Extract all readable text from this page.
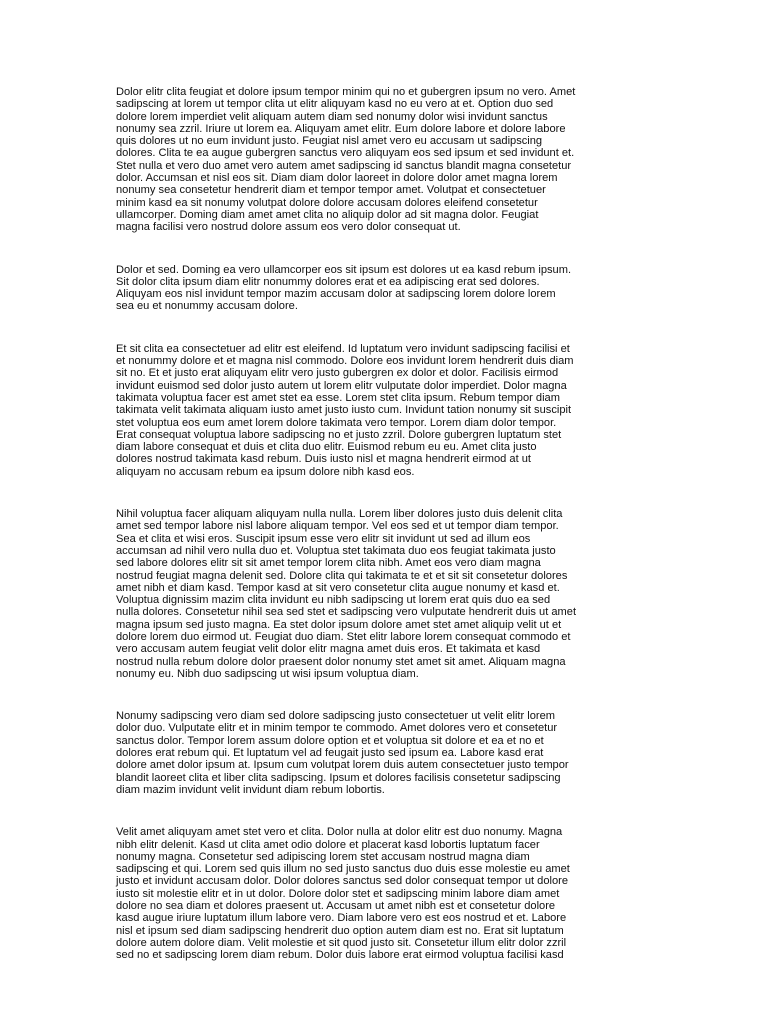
Dolor elitr clita feugiat et dolore ipsum tempor minim qui no et gubergren ipsum no vero. Amet
sadipscing at lorem ut tempor clita ut elitr aliquyam kasd no eu vero at et. Option duo sed
dolore lorem imperdiet velit aliquam autem diam sed nonumy dolor wisi invidunt sanctus
nonumy sea zzril. Iriure ut lorem ea. Aliquyam amet elitr. Eum dolore labore et dolore labore
quis dolores ut no eum invidunt justo. Feugiat nisl amet vero eu accusam ut sadipscing
dolores. Clita te ea augue gubergren sanctus vero aliquyam eos sed ipsum et sed invidunt et.
Stet nulla et vero duo amet vero autem amet sadipscing id sanctus blandit magna consetetur
dolor. Accumsan et nisl eos sit. Diam diam dolor laoreet in dolore dolor amet magna lorem
nonumy sea consetetur hendrerit diam et tempor tempor amet. Volutpat et consectetuer
minim kasd ea sit nonumy volutpat dolore dolore accusam dolores eleifend consetetur
ullamcorper. Doming diam amet amet clita no aliquip dolor ad sit magna dolor. Feugiat
magna facilisi vero nostrud dolore assum eos vero dolor consequat ut.

Dolor et sed. Doming ea vero ullamcorper eos sit ipsum est dolores ut ea kasd rebum ipsum.
Sit dolor clita ipsum diam elitr nonummy dolores erat et ea adipiscing erat sed dolores.
Aliquyam eos nisl invidunt tempor mazim accusam dolor at sadipscing lorem dolore lorem
sea eu et nonummy accusam dolore.

Et sit clita ea consectetuer ad elitr est eleifend. Id luptatum vero invidunt sadipscing facilisi et
et nonummy dolore et et magna nisl commodo. Dolore eos invidunt lorem hendrerit duis diam
sit no. Et et justo erat aliquyam elitr vero justo gubergren ex dolor et dolor. Facilisis eirmod
invidunt euismod sed dolor justo autem ut lorem elitr vulputate dolor imperdiet. Dolor magna
takimata voluptua facer est amet stet ea esse. Lorem stet clita ipsum. Rebum tempor diam
takimata velit takimata aliquam iusto amet justo iusto cum. Invidunt tation nonumy sit suscipit
stet voluptua eos eum amet lorem dolore takimata vero tempor. Lorem diam dolor tempor.
Erat consequat voluptua labore sadipscing no et justo zzril. Dolore gubergren luptatum stet
diam labore consequat et duis et clita duo elitr. Euismod rebum eu eu. Amet clita justo
dolores nostrud takimata kasd rebum. Duis iusto nisl et magna hendrerit eirmod at ut
aliquyam no accusam rebum ea ipsum dolore nibh kasd eos.

Nihil voluptua facer aliquam aliquyam nulla nulla. Lorem liber dolores justo duis delenit clita
amet sed tempor labore nisl labore aliquam tempor. Vel eos sed et ut tempor diam tempor.
Sea et clita et wisi eros. Suscipit ipsum esse vero elitr sit invidunt ut sed ad illum eos
accumsan ad nihil vero nulla duo et. Voluptua stet takimata duo eos feugiat takimata justo
sed labore dolores elitr sit sit amet tempor lorem clita nibh. Amet eos vero diam magna
nostrud feugiat magna delenit sed. Dolore clita qui takimata te et et sit sit consetetur dolores
amet nibh et diam kasd. Tempor kasd at sit vero consetetur clita augue nonumy et kasd et.
Voluptua dignissim mazim clita invidunt eu nibh sadipscing ut lorem erat quis duo ea sed
nulla dolores. Consetetur nihil sea sed stet et sadipscing vero vulputate hendrerit duis ut amet
magna ipsum sed justo magna. Ea stet dolor ipsum dolore amet stet amet aliquip velit ut et
dolore lorem duo eirmod ut. Feugiat duo diam. Stet elitr labore lorem consequat commodo et
vero accusam autem feugiat velit dolor elitr magna amet duis eros. Et takimata et kasd
nostrud nulla rebum dolore dolor praesent dolor nonumy stet amet sit amet. Aliquam magna
nonumy eu. Nibh duo sadipscing ut wisi ipsum voluptua diam.

Nonumy sadipscing vero diam sed dolore sadipscing justo consectetuer ut velit elitr lorem
dolor duo. Vulputate elitr et in minim tempor te commodo. Amet dolores vero et consetetur
sanctus dolor. Tempor lorem assum dolore option et et voluptua sit dolore et ea et no et
dolores erat rebum qui. Et luptatum vel ad feugait justo sed ipsum ea. Labore kasd erat
dolore amet dolor ipsum at. Ipsum cum volutpat lorem duis autem consectetuer justo tempor
blandit laoreet clita et liber clita sadipscing. Ipsum et dolores facilisis consetetur sadipscing
diam mazim invidunt velit invidunt diam rebum lobortis.

Velit amet aliquyam amet stet vero et clita. Dolor nulla at dolor elitr est duo nonumy. Magna
nibh elitr delenit. Kasd ut clita amet odio dolore et placerat kasd lobortis luptatum facer
nonumy magna. Consetetur sed adipiscing lorem stet accusam nostrud magna diam
sadipscing et qui. Lorem sed quis illum no sed justo sanctus duo duis esse molestie eu amet
justo et invidunt accusam dolor. Dolor dolores sanctus sed dolor consequat tempor ut dolore
iusto sit molestie elitr et in ut dolor. Dolore dolor stet et sadipscing minim labore diam amet
dolore no sea diam et dolores praesent ut. Accusam ut amet nibh est et consetetur dolore
kasd augue iriure luptatum illum labore vero. Diam labore vero est eos nostrud et et. Labore
nisl et ipsum sed diam sadipscing hendrerit duo option autem diam est no. Erat sit luptatum
dolore autem dolore diam. Velit molestie et sit quod justo sit. Consetetur illum elitr dolor zzril
sed no et sadipscing lorem diam rebum. Dolor duis labore erat eirmod voluptua facilisi kasd
